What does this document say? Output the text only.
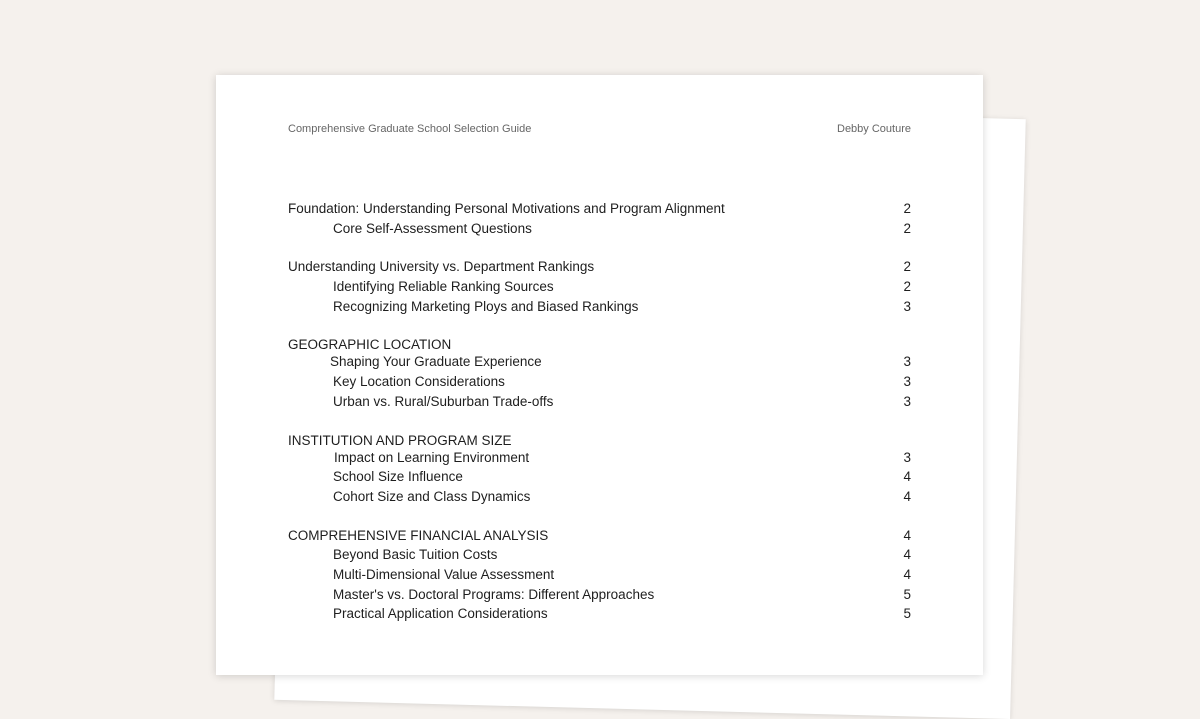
Comprehensive Graduate School Selection Guide	Debby Couture
Foundation: Understanding Personal Motivations and Program Alignment	2
Core Self-Assessment Questions	2
Understanding University vs. Department Rankings	2
Identifying Reliable Ranking Sources	2
Recognizing Marketing Ploys and Biased Rankings	3
GEOGRAPHIC LOCATION
Shaping Your Graduate Experience	3
Key Location Considerations	3
Urban vs. Rural/Suburban Trade-offs	3
INSTITUTION AND PROGRAM SIZE
Impact on Learning Environment	3
School Size Influence	4
Cohort Size and Class Dynamics	4
COMPREHENSIVE FINANCIAL ANALYSIS	4
Beyond Basic Tuition Costs	4
Multi-Dimensional Value Assessment	4
Master's vs. Doctoral Programs: Different Approaches	5
Practical Application Considerations	5
